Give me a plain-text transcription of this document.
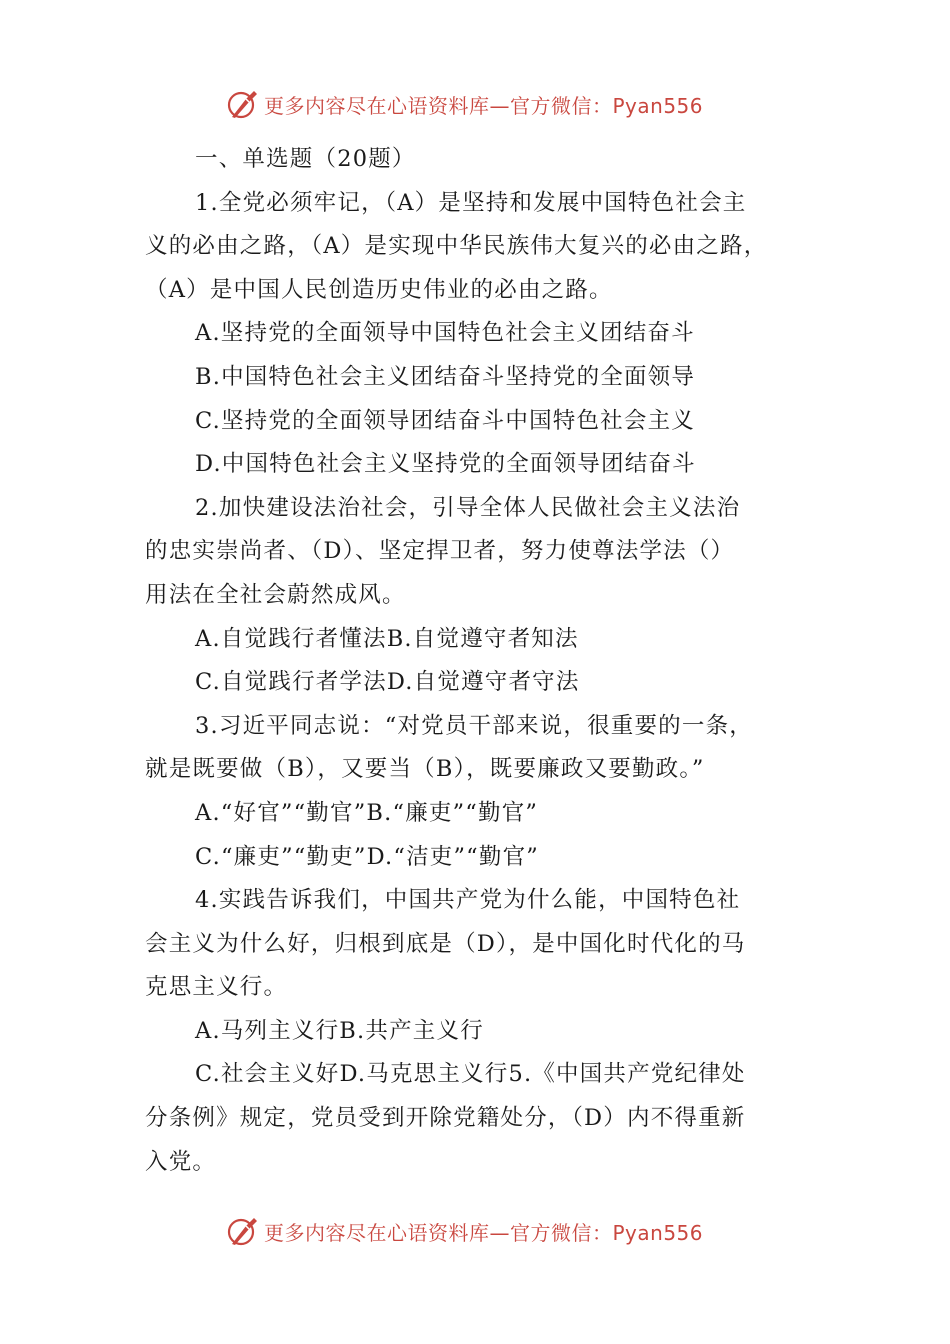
更多内容尽在心语资料库—官方微信：Pyan556
一、单选题（20题）
1.全党必须牢记，（A）是坚持和发展中国特色社会主
义的必由之路，（A）是实现中华民族伟大复兴的必由之路，
（A）是中国人民创造历史伟业的必由之路。
A.坚持党的全面领导中国特色社会主义团结奋斗
B.中国特色社会主义团结奋斗坚持党的全面领导
C.坚持党的全面领导团结奋斗中国特色社会主义
D.中国特色社会主义坚持党的全面领导团结奋斗
2.加快建设法治社会，引导全体人民做社会主义法治
的忠实崇尚者、（D）、坚定捍卫者，努力使尊法学法（）
用法在全社会蔚然成风。
A.自觉践行者懂法B.自觉遵守者知法
C.自觉践行者学法D.自觉遵守者守法
3.习近平同志说：“对党员干部来说，很重要的一条，
就是既要做（B），又要当（B），既要廉政又要勤政。”
A.“好官”“勤官”B.“廉吏”“勤官”
C.“廉吏”“勤吏”D.“洁吏”“勤官”
4.实践告诉我们，中国共产党为什么能，中国特色社
会主义为什么好，归根到底是（D），是中国化时代化的马
克思主义行。
A.马列主义行B.共产主义行
C.社会主义好D.马克思主义行5.《中国共产党纪律处
分条例》规定，党员受到开除党籍处分，（D）内不得重新
入党。
更多内容尽在心语资料库—官方微信：Pyan556
